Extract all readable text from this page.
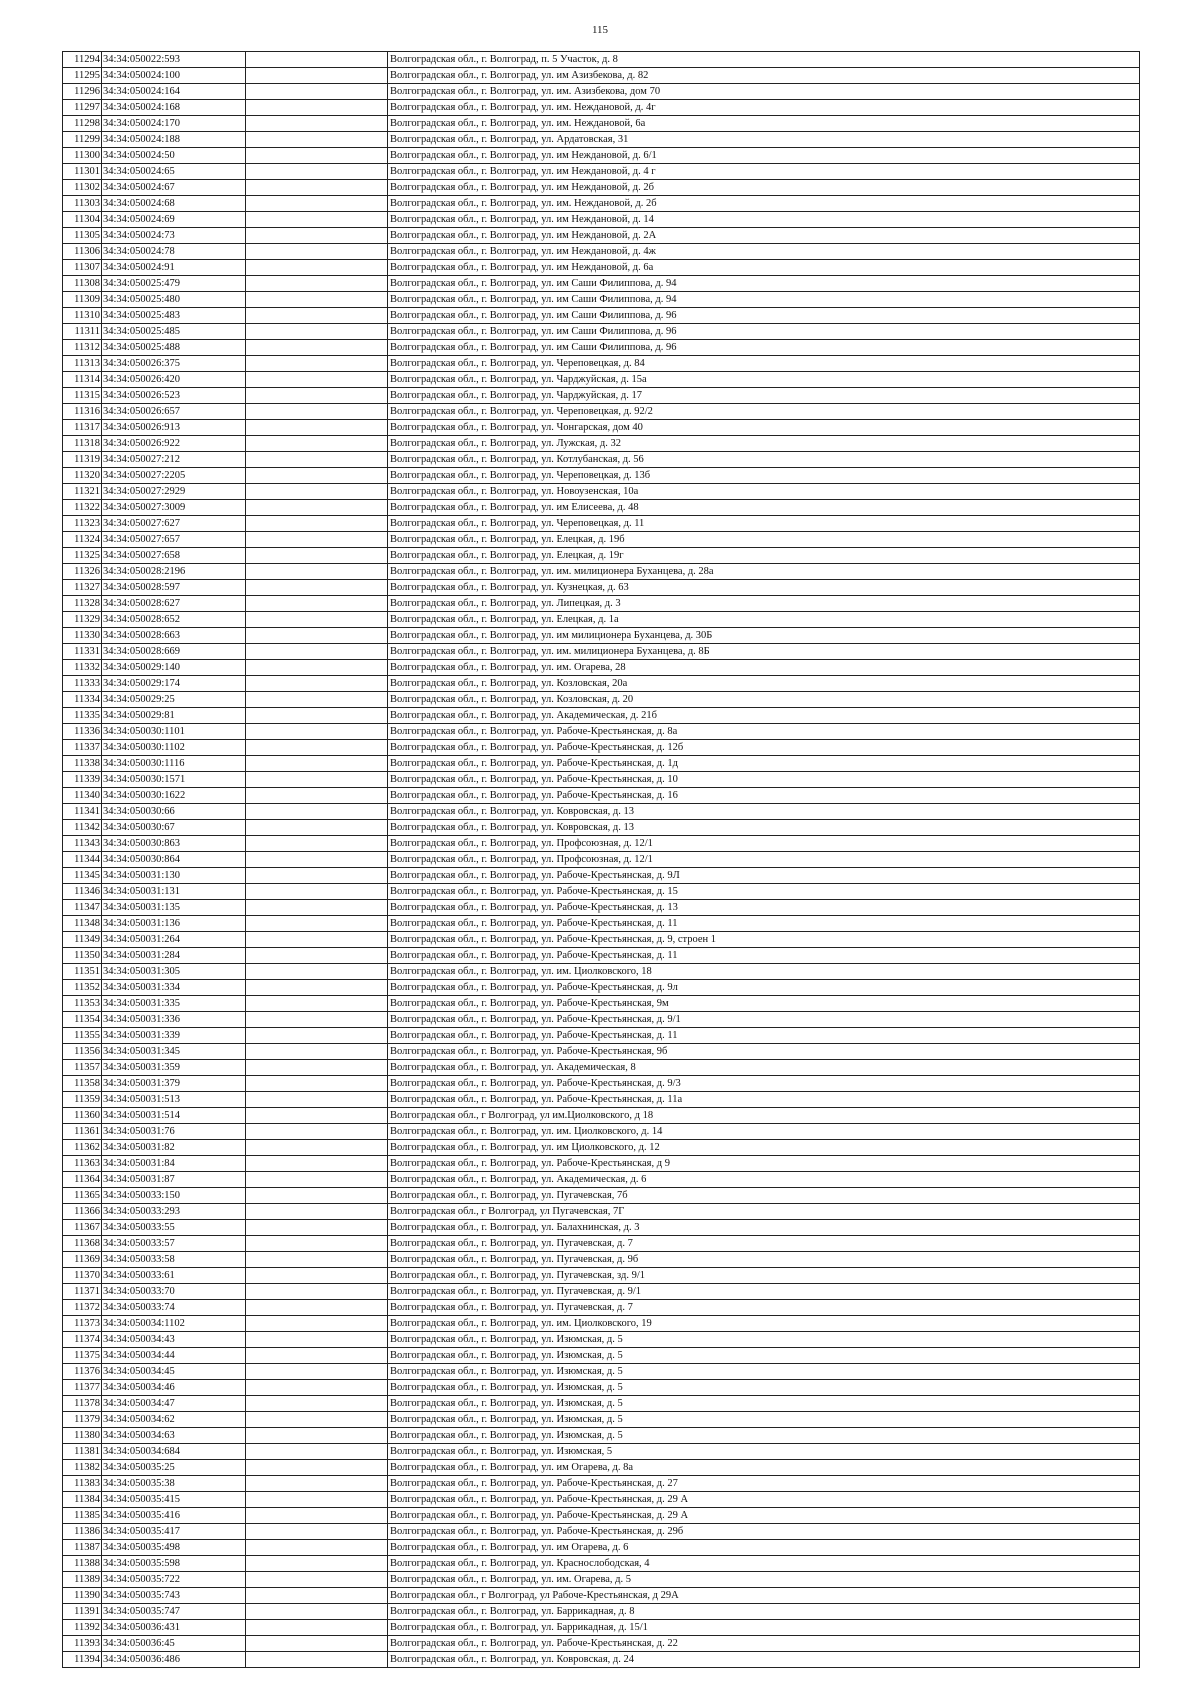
115
11294	34:34:050022:593		Волгоградская обл., г. Волгоград, п. 5 Участок, д. 8
11295	34:34:050024:100		Волгоградская обл., г. Волгоград, ул. им Азизбекова, д. 82
11296	34:34:050024:164		Волгоградская обл., г. Волгоград, ул. им. Азизбекова, дом 70
11297	34:34:050024:168		Волгоградская обл., г. Волгоград, ул. им. Неждановой, д. 4г
11298	34:34:050024:170		Волгоградская обл., г. Волгоград, ул. им. Неждановой, 6а
11299	34:34:050024:188		Волгоградская обл., г. Волгоград, ул. Ардатовская, 31
11300	34:34:050024:50		Волгоградская обл., г. Волгоград, ул. им Неждановой, д. 6/1
11301	34:34:050024:65		Волгоградская обл., г. Волгоград, ул. им Неждановой, д. 4 г
11302	34:34:050024:67		Волгоградская обл., г. Волгоград, ул. им Неждановой, д. 2б
11303	34:34:050024:68		Волгоградская обл., г. Волгоград, ул. им. Неждановой, д. 2б
11304	34:34:050024:69		Волгоградская обл., г. Волгоград, ул. им Неждановой, д. 14
11305	34:34:050024:73		Волгоградская обл., г. Волгоград, ул. им Неждановой, д. 2А
11306	34:34:050024:78		Волгоградская обл., г. Волгоград, ул. им Неждановой, д. 4ж
11307	34:34:050024:91		Волгоградская обл., г. Волгоград, ул. им Неждановой, д. 6а
11308	34:34:050025:479		Волгоградская обл., г. Волгоград, ул. им Саши Филиппова, д. 94
11309	34:34:050025:480		Волгоградская обл., г. Волгоград, ул. им Саши Филиппова, д. 94
11310	34:34:050025:483		Волгоградская обл., г. Волгоград, ул. им Саши Филиппова, д. 96
11311	34:34:050025:485		Волгоградская обл., г. Волгоград, ул. им Саши Филиппова, д. 96
11312	34:34:050025:488		Волгоградская обл., г. Волгоград, ул. им Саши Филиппова, д. 96
11313	34:34:050026:375		Волгоградская обл., г. Волгоград, ул. Череповецкая, д. 84
11314	34:34:050026:420		Волгоградская обл., г. Волгоград, ул. Чарджуйская, д. 15а
11315	34:34:050026:523		Волгоградская обл., г. Волгоград, ул. Чарджуйская, д. 17
11316	34:34:050026:657		Волгоградская обл., г. Волгоград, ул. Череповецкая, д. 92/2
11317	34:34:050026:913		Волгоградская обл., г. Волгоград, ул. Чонгарская, дом 40
11318	34:34:050026:922		Волгоградская обл., г. Волгоград, ул. Лужская, д. 32
11319	34:34:050027:212		Волгоградская обл., г. Волгоград, ул. Котлубанская, д. 56
11320	34:34:050027:2205		Волгоградская обл., г. Волгоград, ул. Череповецкая, д. 13б
11321	34:34:050027:2929		Волгоградская обл., г. Волгоград, ул. Новоузенская, 10а
11322	34:34:050027:3009		Волгоградская обл., г. Волгоград, ул. им Елисеева, д. 48
11323	34:34:050027:627		Волгоградская обл., г. Волгоград, ул. Череповецкая, д. 11
11324	34:34:050027:657		Волгоградская обл., г. Волгоград, ул. Елецкая, д. 19б
11325	34:34:050027:658		Волгоградская обл., г. Волгоград, ул. Елецкая, д. 19г
11326	34:34:050028:2196		Волгоградская обл., г. Волгоград, ул. им. милиционера Буханцева, д. 28а
11327	34:34:050028:597		Волгоградская обл., г. Волгоград, ул. Кузнецкая, д. 63
11328	34:34:050028:627		Волгоградская обл., г. Волгоград, ул. Липецкая, д. 3
11329	34:34:050028:652		Волгоградская обл., г. Волгоград, ул. Елецкая, д. 1а
11330	34:34:050028:663		Волгоградская обл., г. Волгоград, ул. им милиционера Буханцева, д. 30Б
11331	34:34:050028:669		Волгоградская обл., г. Волгоград, ул. им. милиционера Буханцева, д. 8Б
11332	34:34:050029:140		Волгоградская обл., г. Волгоград, ул. им. Огарева, 28
11333	34:34:050029:174		Волгоградская обл., г. Волгоград, ул. Козловская, 20а
11334	34:34:050029:25		Волгоградская обл., г. Волгоград, ул. Козловская, д. 20
11335	34:34:050029:81		Волгоградская обл., г. Волгоград, ул. Академическая, д. 21б
11336	34:34:050030:1101		Волгоградская обл., г. Волгоград, ул. Рабоче-Крестьянская, д. 8а
11337	34:34:050030:1102		Волгоградская обл., г. Волгоград, ул. Рабоче-Крестьянская, д. 12б
11338	34:34:050030:1116		Волгоградская обл., г. Волгоград, ул. Рабоче-Крестьянская, д. 1д
11339	34:34:050030:1571		Волгоградская обл., г. Волгоград, ул. Рабоче-Крестьянская, д. 10
11340	34:34:050030:1622		Волгоградская обл., г. Волгоград, ул. Рабоче-Крестьянская, д. 16
11341	34:34:050030:66		Волгоградская обл., г. Волгоград, ул. Ковровская, д. 13
11342	34:34:050030:67		Волгоградская обл., г. Волгоград, ул. Ковровская, д. 13
11343	34:34:050030:863		Волгоградская обл., г. Волгоград, ул. Профсоюзная, д. 12/1
11344	34:34:050030:864		Волгоградская обл., г. Волгоград, ул. Профсоюзная, д. 12/1
11345	34:34:050031:130		Волгоградская обл., г. Волгоград, ул. Рабоче-Крестьянская, д. 9Л
11346	34:34:050031:131		Волгоградская обл., г. Волгоград, ул. Рабоче-Крестьянская, д. 15
11347	34:34:050031:135		Волгоградская обл., г. Волгоград, ул. Рабоче-Крестьянская, д. 13
11348	34:34:050031:136		Волгоградская обл., г. Волгоград, ул. Рабоче-Крестьянская, д. 11
11349	34:34:050031:264		Волгоградская обл., г. Волгоград, ул. Рабоче-Крестьянская, д. 9, строен 1
11350	34:34:050031:284		Волгоградская обл., г. Волгоград, ул. Рабоче-Крестьянская, д. 11
11351	34:34:050031:305		Волгоградская обл., г. Волгоград, ул. им. Циолковского, 18
11352	34:34:050031:334		Волгоградская обл., г. Волгоград, ул. Рабоче-Крестьянская, д. 9л
11353	34:34:050031:335		Волгоградская обл., г. Волгоград, ул. Рабоче-Крестьянская, 9м
11354	34:34:050031:336		Волгоградская обл., г. Волгоград, ул. Рабоче-Крестьянская, д. 9/1
11355	34:34:050031:339		Волгоградская обл., г. Волгоград, ул. Рабоче-Крестьянская, д. 11
11356	34:34:050031:345		Волгоградская обл., г. Волгоград, ул. Рабоче-Крестьянская, 9б
11357	34:34:050031:359		Волгоградская обл., г. Волгоград, ул. Академическая, 8
11358	34:34:050031:379		Волгоградская обл., г. Волгоград, ул. Рабоче-Крестьянская, д. 9/3
11359	34:34:050031:513		Волгоградская обл., г. Волгоград, ул. Рабоче-Крестьянская, д. 11а
11360	34:34:050031:514		Волгоградская обл., г Волгоград, ул им.Циолковского, д 18
11361	34:34:050031:76		Волгоградская обл., г. Волгоград, ул. им. Циолковского, д. 14
11362	34:34:050031:82		Волгоградская обл., г. Волгоград, ул. им Циолковского, д. 12
11363	34:34:050031:84		Волгоградская обл., г. Волгоград, ул. Рабоче-Крестьянская, д 9
11364	34:34:050031:87		Волгоградская обл., г. Волгоград, ул. Академическая, д. 6
11365	34:34:050033:150		Волгоградская обл., г. Волгоград, ул. Пугачевская, 7б
11366	34:34:050033:293		Волгоградская обл., г Волгоград, ул Пугачевская, 7Г
11367	34:34:050033:55		Волгоградская обл., г. Волгоград, ул. Балахнинская, д. 3
11368	34:34:050033:57		Волгоградская обл., г. Волгоград, ул. Пугачевская, д. 7
11369	34:34:050033:58		Волгоградская обл., г. Волгоград, ул. Пугачевская, д. 9б
11370	34:34:050033:61		Волгоградская обл., г. Волгоград, ул. Пугачевская, зд. 9/1
11371	34:34:050033:70		Волгоградская обл., г. Волгоград, ул. Пугачевская, д. 9/1
11372	34:34:050033:74		Волгоградская обл., г. Волгоград, ул. Пугачевская, д. 7
11373	34:34:050034:1102		Волгоградская обл., г. Волгоград, ул. им. Циолковского, 19
11374	34:34:050034:43		Волгоградская обл., г. Волгоград, ул. Изюмская, д. 5
11375	34:34:050034:44		Волгоградская обл., г. Волгоград, ул. Изюмская, д. 5
11376	34:34:050034:45		Волгоградская обл., г. Волгоград, ул. Изюмская, д. 5
11377	34:34:050034:46		Волгоградская обл., г. Волгоград, ул. Изюмская, д. 5
11378	34:34:050034:47		Волгоградская обл., г. Волгоград, ул. Изюмская, д. 5
11379	34:34:050034:62		Волгоградская обл., г. Волгоград, ул. Изюмская, д. 5
11380	34:34:050034:63		Волгоградская обл., г. Волгоград, ул. Изюмская, д. 5
11381	34:34:050034:684		Волгоградская обл., г. Волгоград, ул. Изюмская, 5
11382	34:34:050035:25		Волгоградская обл., г. Волгоград, ул. им Огарева, д. 8а
11383	34:34:050035:38		Волгоградская обл., г. Волгоград, ул. Рабоче-Крестьянская, д. 27
11384	34:34:050035:415		Волгоградская обл., г. Волгоград, ул. Рабоче-Крестьянская, д. 29 А
11385	34:34:050035:416		Волгоградская обл., г. Волгоград, ул. Рабоче-Крестьянская, д. 29 А
11386	34:34:050035:417		Волгоградская обл., г. Волгоград, ул. Рабоче-Крестьянская, д. 29б
11387	34:34:050035:498		Волгоградская обл., г. Волгоград, ул. им Огарева, д. 6
11388	34:34:050035:598		Волгоградская обл., г. Волгоград, ул. Краснослободская, 4
11389	34:34:050035:722		Волгоградская обл., г. Волгоград, ул. им. Огарева, д. 5
11390	34:34:050035:743		Волгоградская обл., г Волгоград, ул Рабоче-Крестьянская, д 29А
11391	34:34:050035:747		Волгоградская обл., г. Волгоград, ул. Баррикадная, д. 8
11392	34:34:050036:431		Волгоградская обл., г. Волгоград, ул. Баррикадная, д. 15/1
11393	34:34:050036:45		Волгоградская обл., г. Волгоград, ул. Рабоче-Крестьянская, д. 22
11394	34:34:050036:486		Волгоградская обл., г. Волгоград, ул. Ковровская, д. 24
